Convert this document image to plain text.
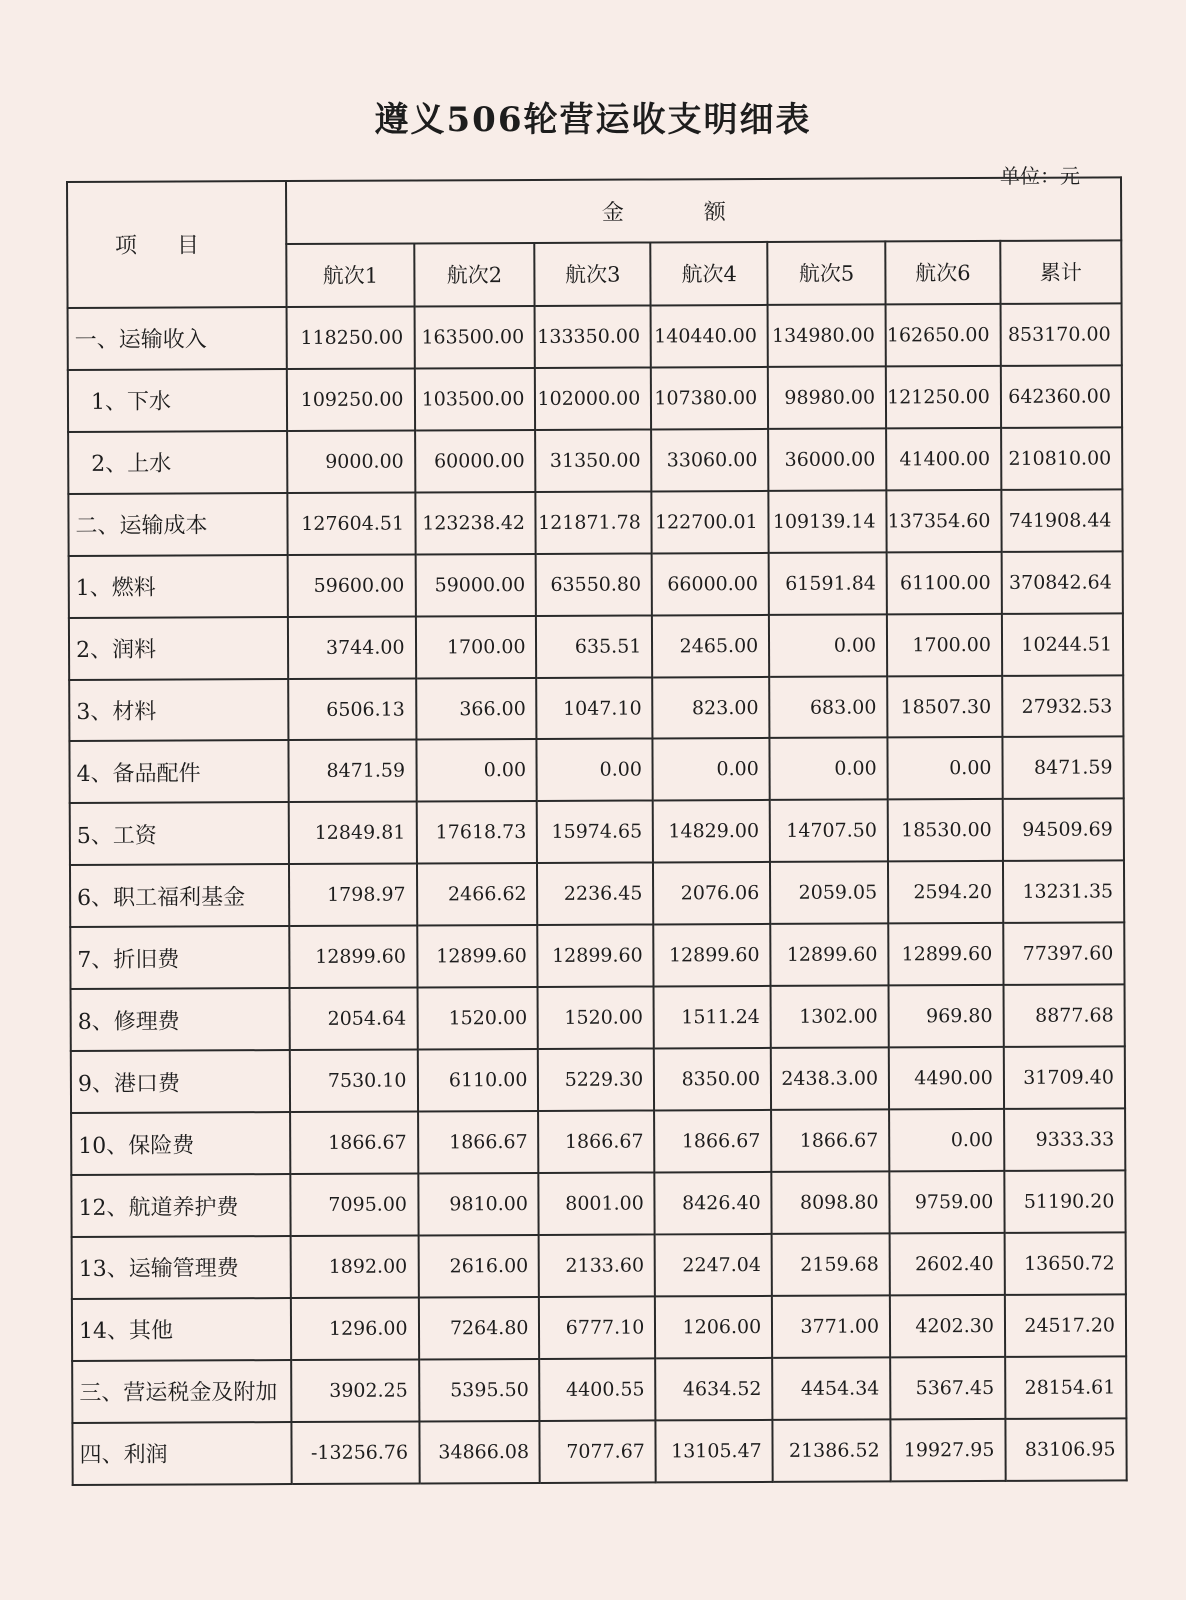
遵义506轮营运收支明细表
单位：元
项目	金额						
	航次1	航次2	航次3	航次4	航次5	航次6	累计
一、运输收入	118250.00	163500.00	133350.00	140440.00	134980.00	162650.00	853170.00
1、下水	109250.00	103500.00	102000.00	107380.00	98980.00	121250.00	642360.00
2、上水	9000.00	60000.00	31350.00	33060.00	36000.00	41400.00	210810.00
二、运输成本	127604.51	123238.42	121871.78	122700.01	109139.14	137354.60	741908.44
1、燃料	59600.00	59000.00	63550.80	66000.00	61591.84	61100.00	370842.64
2、润料	3744.00	1700.00	635.51	2465.00	0.00	1700.00	10244.51
3、材料	6506.13	366.00	1047.10	823.00	683.00	18507.30	27932.53
4、备品配件	8471.59	0.00	0.00	0.00	0.00	0.00	8471.59
5、工资	12849.81	17618.73	15974.65	14829.00	14707.50	18530.00	94509.69
6、职工福利基金	1798.97	2466.62	2236.45	2076.06	2059.05	2594.20	13231.35
7、折旧费	12899.60	12899.60	12899.60	12899.60	12899.60	12899.60	77397.60
8、修理费	2054.64	1520.00	1520.00	1511.24	1302.00	969.80	8877.68
9、港口费	7530.10	6110.00	5229.30	8350.00	2438.3.00	4490.00	31709.40
10、保险费	1866.67	1866.67	1866.67	1866.67	1866.67	0.00	9333.33
12、航道养护费	7095.00	9810.00	8001.00	8426.40	8098.80	9759.00	51190.20
13、运输管理费	1892.00	2616.00	2133.60	2247.04	2159.68	2602.40	13650.72
14、其他	1296.00	7264.80	6777.10	1206.00	3771.00	4202.30	24517.20
三、营运税金及附加	3902.25	5395.50	4400.55	4634.52	4454.34	5367.45	28154.61
四、利润	-13256.76	34866.08	7077.67	13105.47	21386.52	19927.95	83106.95
